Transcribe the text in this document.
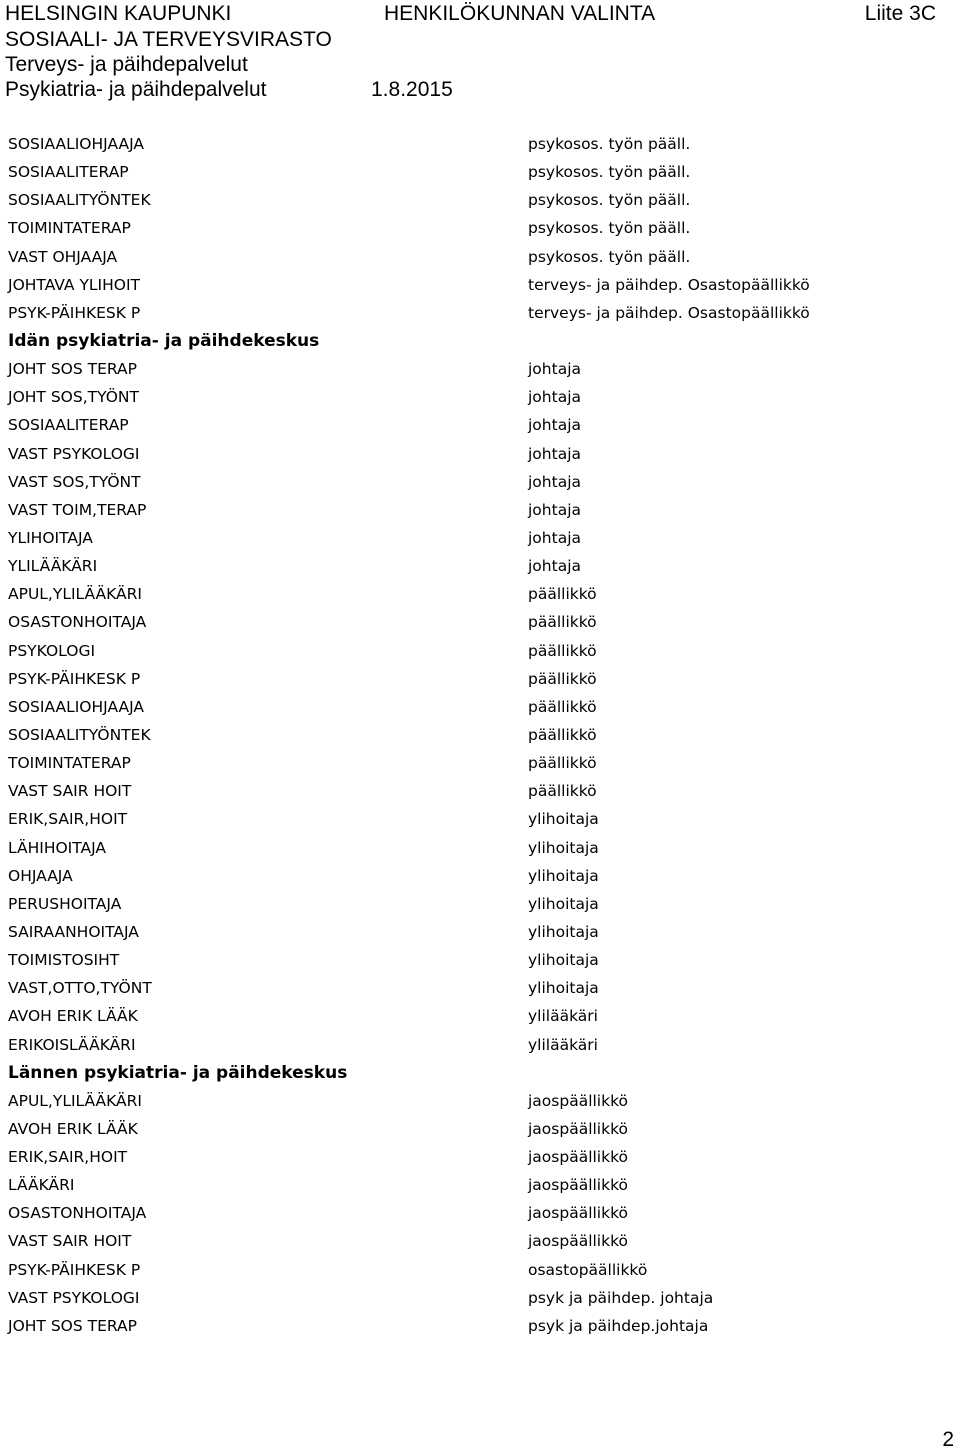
HELSINGIN KAUPUNKI
SOSIAALI- JA TERVEYSVIRASTO
Terveys- ja päihdepalvelut
Psykiatria- ja päihdepalvelut
HENKILÖKUNNAN VALINTA
1.8.2015
Liite 3C
SOSIAALIOHJAAJA	psykosos. työn pääll.
SOSIAALITERAP	psykosos. työn pääll.
SOSIAALITYÖNTEK	psykosos. työn pääll.
TOIMINTATERAP	psykosos. työn pääll.
VAST OHJAAJA	psykosos. työn pääll.
JOHTAVA YLIHOIT	terveys- ja päihdep. Osastopäällikkö
PSYK-PÄIHKESK P	terveys- ja päihdep. Osastopäällikkö
Idän psykiatria- ja päihdekeskus
JOHT SOS TERAP	johtaja
JOHT SOS,TYÖNT	johtaja
SOSIAALITERAP	johtaja
VAST PSYKOLOGI	johtaja
VAST SOS,TYÖNT	johtaja
VAST TOIM,TERAP	johtaja
YLIHOITAJA	johtaja
YLILÄÄKÄRI	johtaja
APUL,YLILÄÄKÄRI	päällikkö
OSASTONHOITAJA	päällikkö
PSYKOLOGI	päällikkö
PSYK-PÄIHKESK P	päällikkö
SOSIAALIOHJAAJA	päällikkö
SOSIAALITYÖNTEK	päällikkö
TOIMINTATERAP	päällikkö
VAST SAIR HOIT	päällikkö
ERIK,SAIR,HOIT	ylihoitaja
LÄHIHOITAJA	ylihoitaja
OHJAAJA	ylihoitaja
PERUSHOITAJA	ylihoitaja
SAIRAANHOITAJA	ylihoitaja
TOIMISTOSIHT	ylihoitaja
VAST,OTTO,TYÖNT	ylihoitaja
AVOH ERIK LÄÄK	ylilääkäri
ERIKOISLÄÄKÄRI	ylilääkäri
Lännen psykiatria- ja päihdekeskus
APUL,YLILÄÄKÄRI	jaospäällikkö
AVOH ERIK LÄÄK	jaospäällikkö
ERIK,SAIR,HOIT	jaospäällikkö
LÄÄKÄRI	jaospäällikkö
OSASTONHOITAJA	jaospäällikkö
VAST SAIR HOIT	jaospäällikkö
PSYK-PÄIHKESK P	osastopäällikkö
VAST PSYKOLOGI	psyk ja päihdep. johtaja
JOHT SOS TERAP	psyk ja päihdep.johtaja
2
